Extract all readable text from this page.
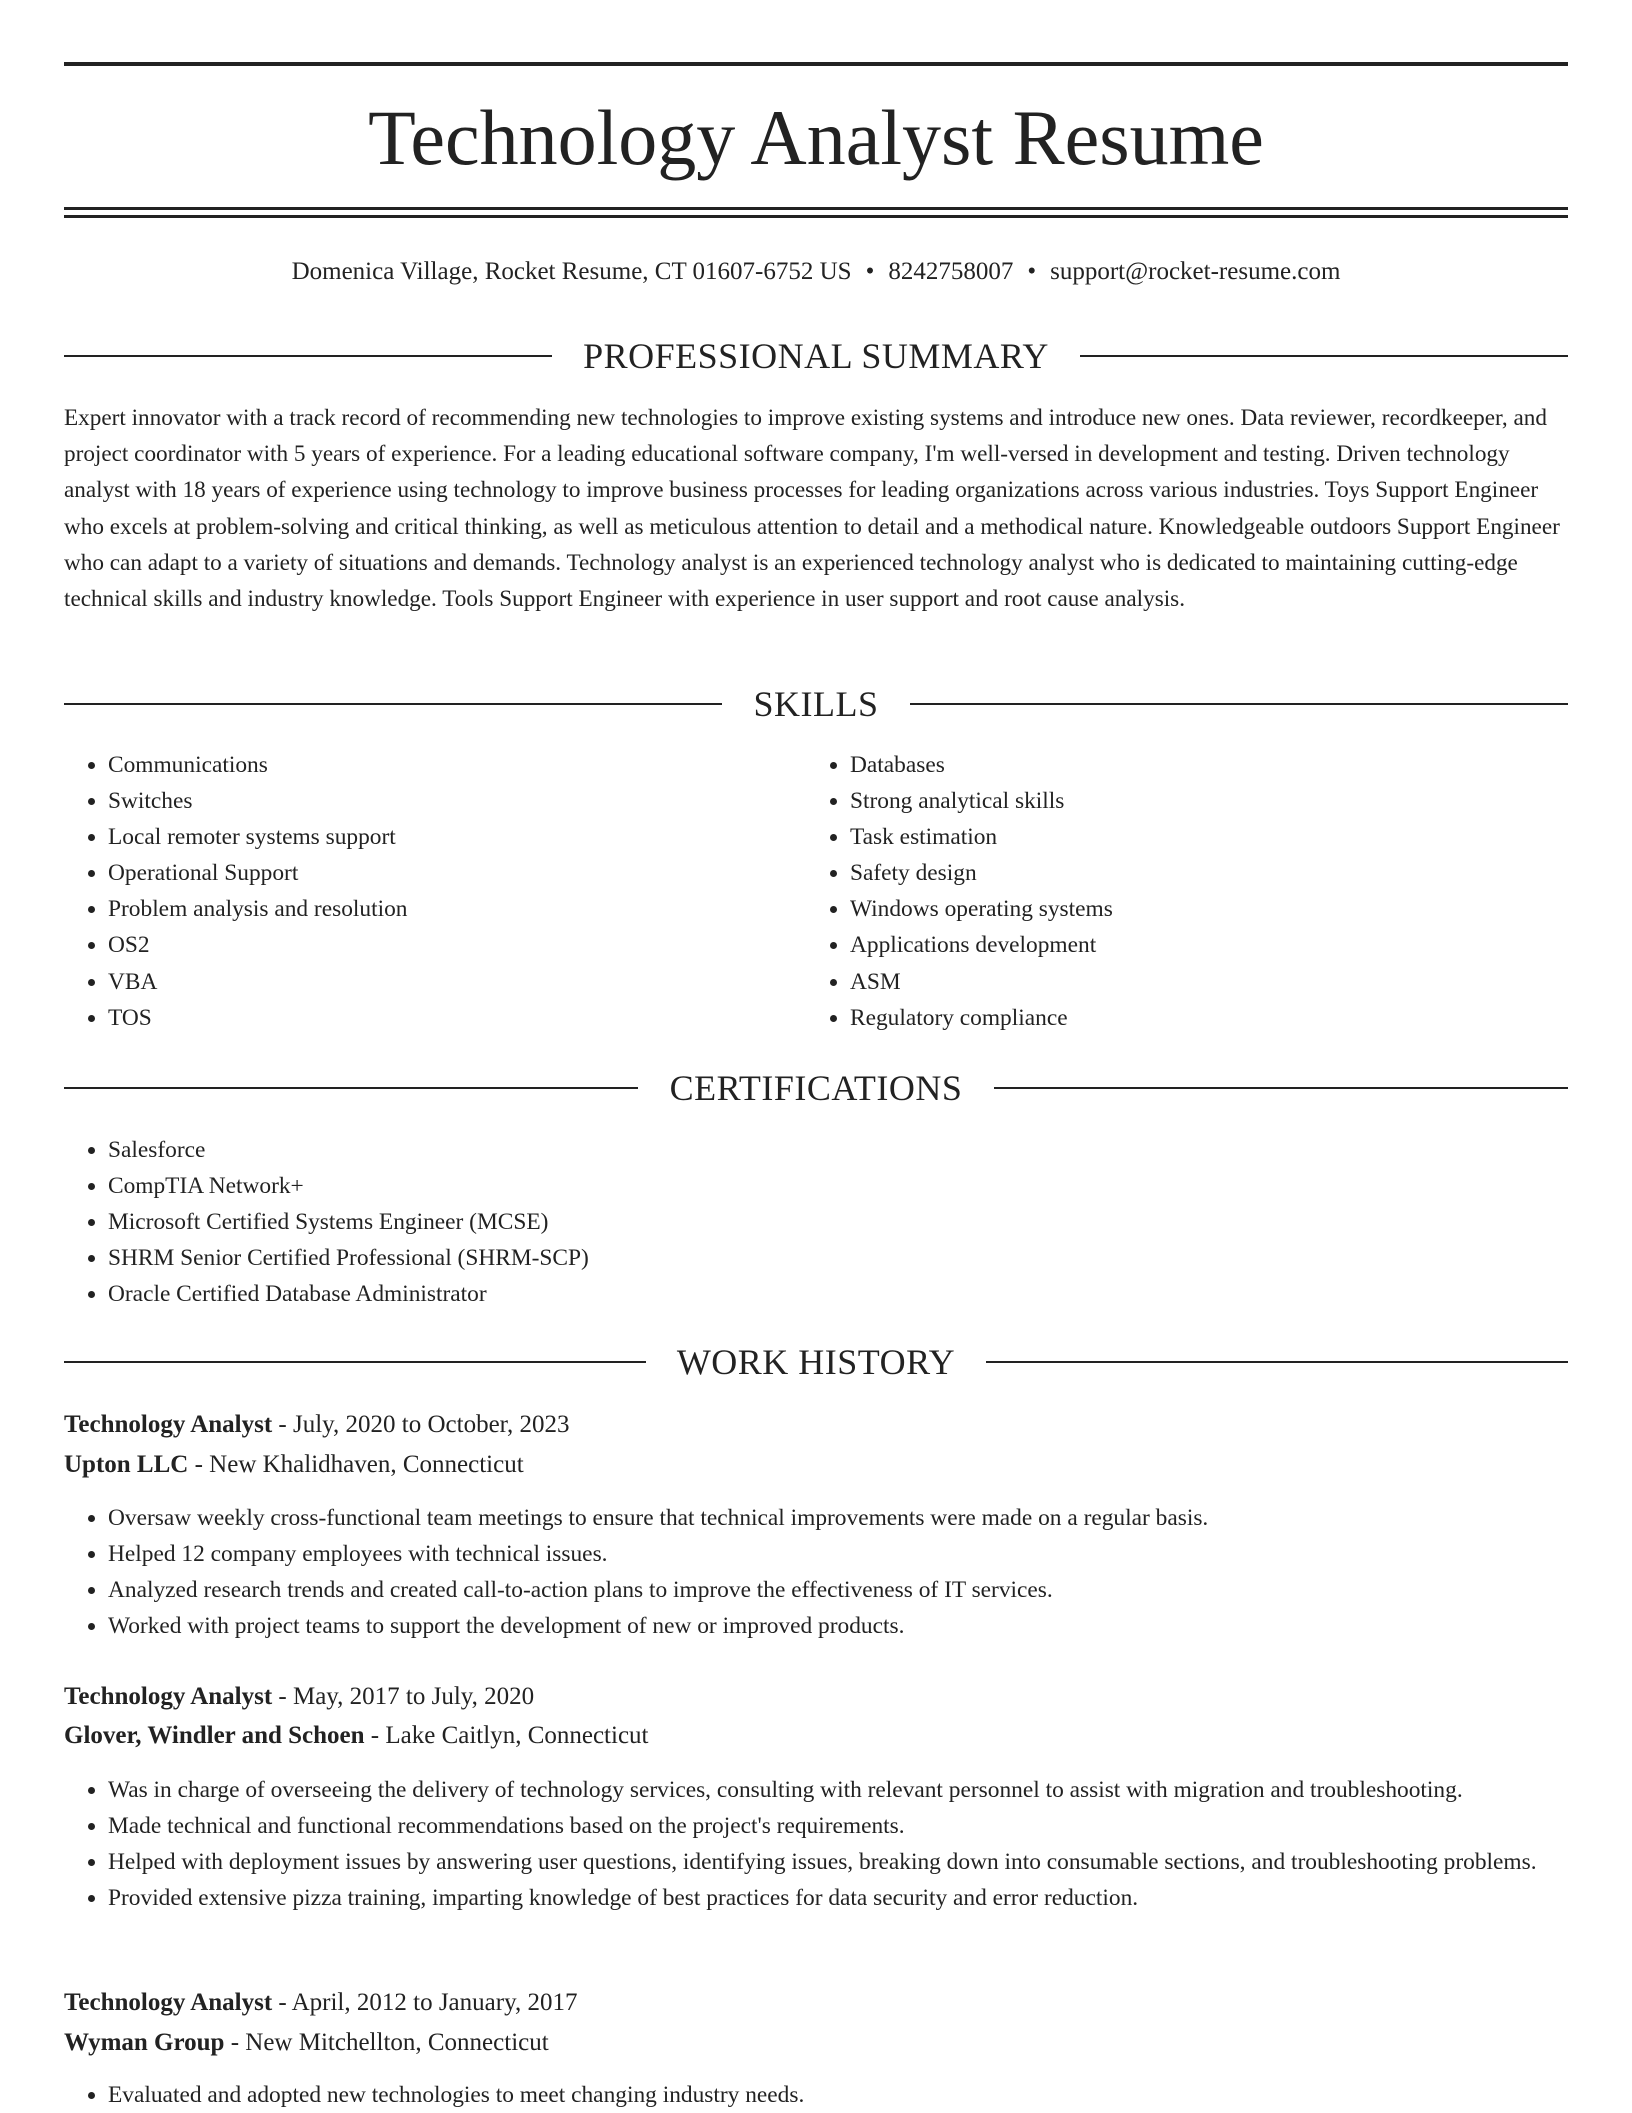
Technology Analyst Resume
Domenica Village, Rocket Resume, CT 01607-6752 US • 8242758007 • support@rocket-resume.com
PROFESSIONAL SUMMARY
Expert innovator with a track record of recommending new technologies to improve existing systems and introduce new ones. Data reviewer, recordkeeper, and project coordinator with 5 years of experience. For a leading educational software company, I'm well-versed in development and testing. Driven technology analyst with 18 years of experience using technology to improve business processes for leading organizations across various industries. Toys Support Engineer who excels at problem-solving and critical thinking, as well as meticulous attention to detail and a methodical nature. Knowledgeable outdoors Support Engineer who can adapt to a variety of situations and demands. Technology analyst is an experienced technology analyst who is dedicated to maintaining cutting-edge technical skills and industry knowledge. Tools Support Engineer with experience in user support and root cause analysis.
SKILLS
• Communications
• Switches
• Local remoter systems support
• Operational Support
• Problem analysis and resolution
• OS2
• VBA
• TOS
• Databases
• Strong analytical skills
• Task estimation
• Safety design
• Windows operating systems
• Applications development
• ASM
• Regulatory compliance
CERTIFICATIONS
• Salesforce
• CompTIA Network+
• Microsoft Certified Systems Engineer (MCSE)
• SHRM Senior Certified Professional (SHRM-SCP)
• Oracle Certified Database Administrator
WORK HISTORY
Technology Analyst - July, 2020 to October, 2023
Upton LLC - New Khalidhaven, Connecticut
• Oversaw weekly cross-functional team meetings to ensure that technical improvements were made on a regular basis.
• Helped 12 company employees with technical issues.
• Analyzed research trends and created call-to-action plans to improve the effectiveness of IT services.
• Worked with project teams to support the development of new or improved products.
Technology Analyst - May, 2017 to July, 2020
Glover, Windler and Schoen - Lake Caitlyn, Connecticut
• Was in charge of overseeing the delivery of technology services, consulting with relevant personnel to assist with migration and troubleshooting.
• Made technical and functional recommendations based on the project's requirements.
• Helped with deployment issues by answering user questions, identifying issues, breaking down into consumable sections, and troubleshooting problems.
• Provided extensive pizza training, imparting knowledge of best practices for data security and error reduction.
Technology Analyst - April, 2012 to January, 2017
Wyman Group - New Mitchellton, Connecticut
• Evaluated and adopted new technologies to meet changing industry needs.
